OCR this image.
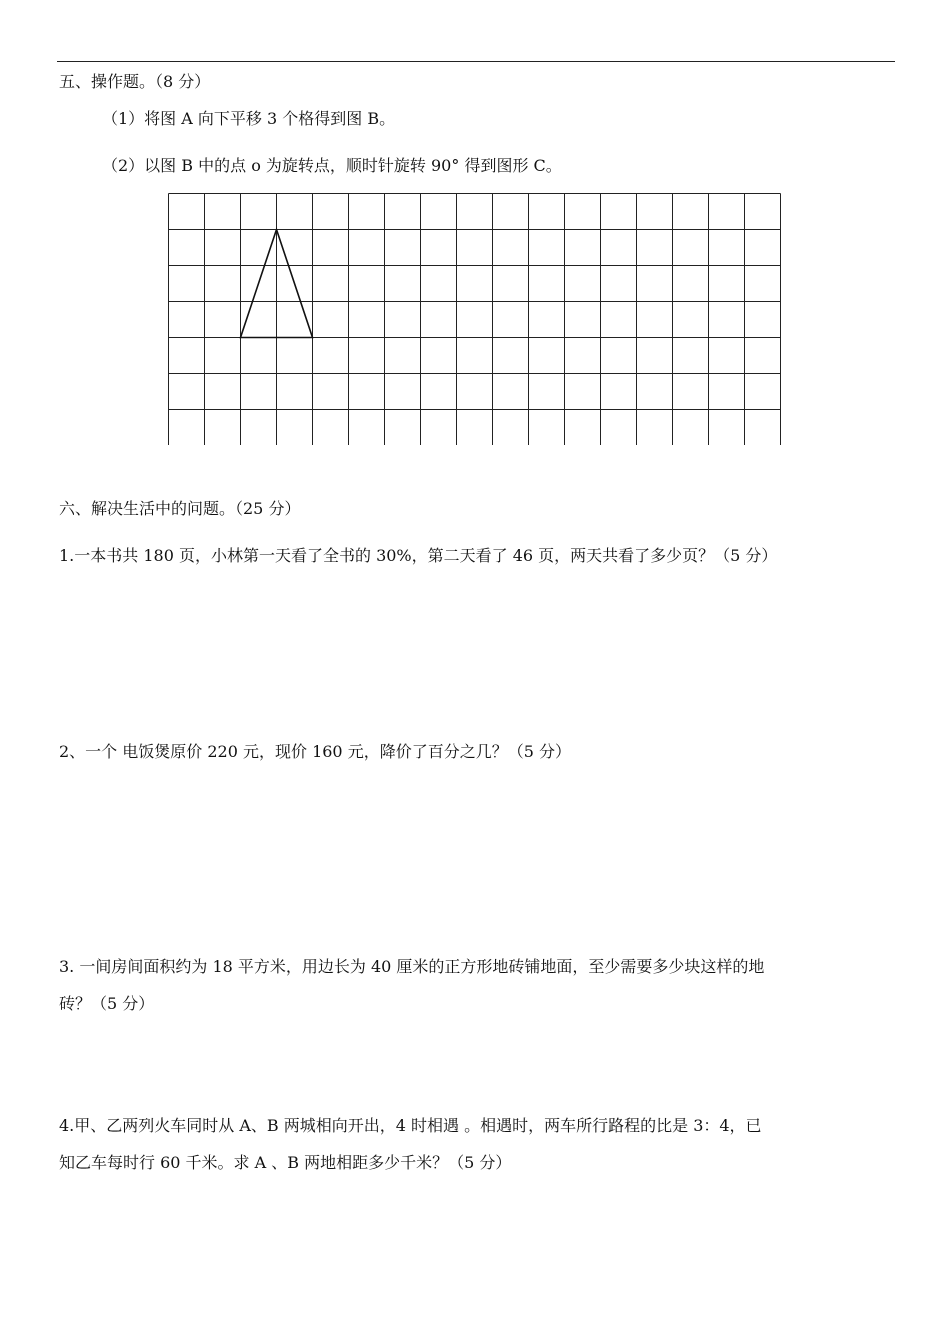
五、操作题。（8 分）
（1）将图 A 向下平移 3 个格得到图 B。
（2）以图 B 中的点 o 为旋转点，顺时针旋转 90° 得到图形 C。
六、解决生活中的问题。（25 分）
1.一本书共 180 页，小林第一天看了全书的 30%，第二天看了 46 页，两天共看了多少页？（5 分）
2、一个 电饭煲原价 220 元，现价 160 元，降价了百分之几？（5 分）
3. 一间房间面积约为 18 平方米，用边长为 40 厘米的正方形地砖铺地面，至少需要多少块这样的地
砖？（5 分）
4.甲、乙两列火车同时从 A、B 两城相向开出，4 时相遇 。相遇时，两车所行路程的比是 3：4，已
知乙车每时行 60 千米。求 A 、B 两地相距多少千米？（5 分）
